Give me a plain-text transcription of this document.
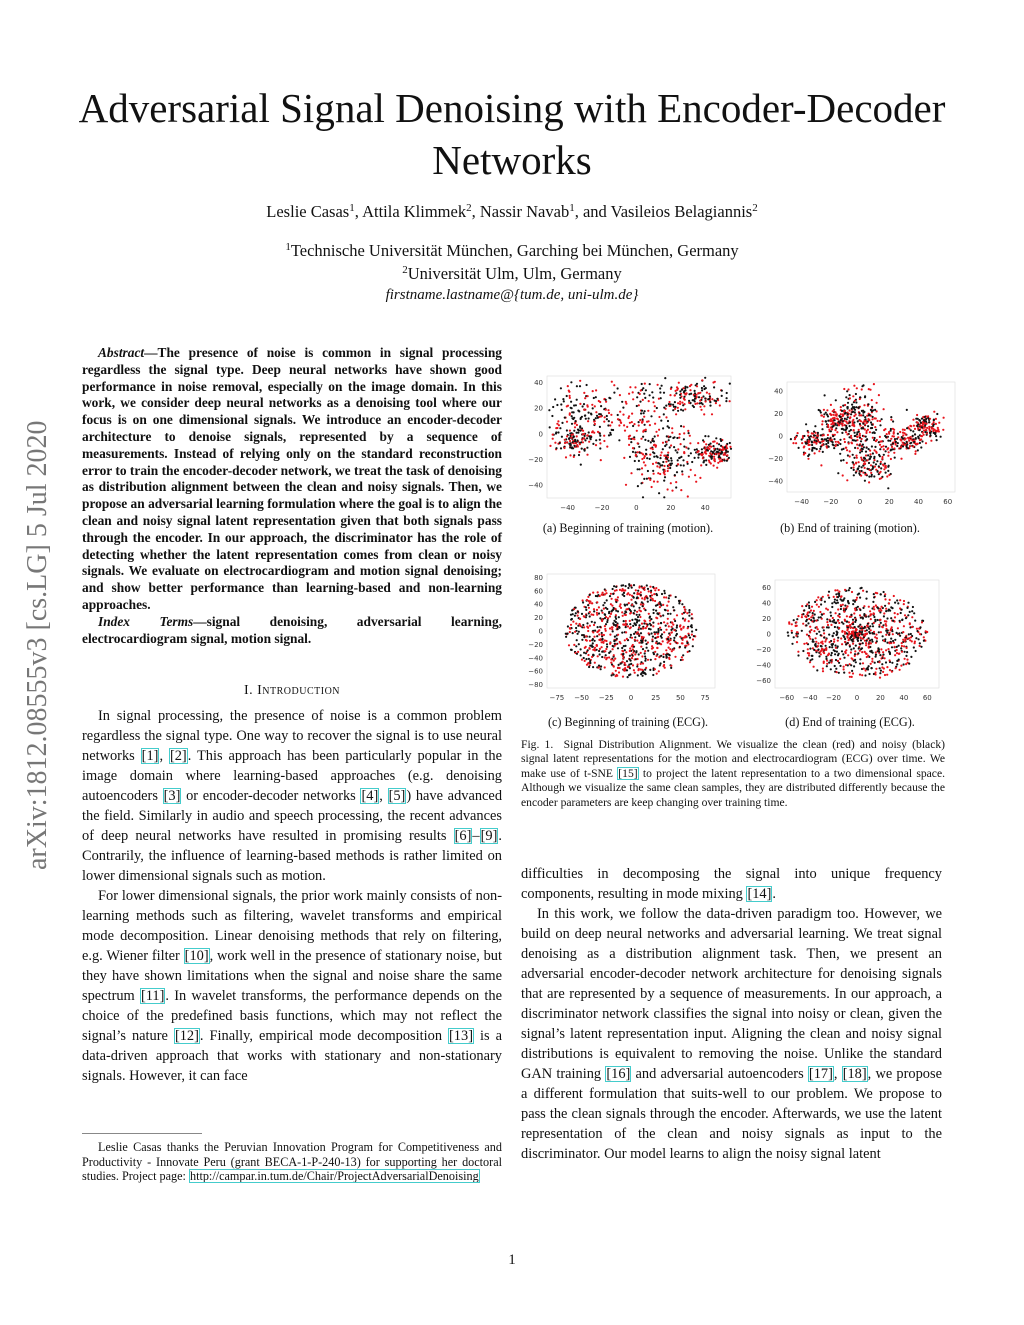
Adversarial Signal Denoising with Encoder-Decoder Networks
Leslie Casas$^1$, Attila Klimmek$^2$, Nassir Navab$^1$, and Vasileios Belagiannis$^2$
$^1$Technische Universität München, Garching bei München, Germany
$^2$Universität Ulm, Ulm, Germany
firstname.lastname@{tum.de, uni-ulm.de}
arXiv:1812.08555v3 [cs.LG] 5 Jul 2020

Abstract—The presence of noise is common in signal processing regardless the signal type. Deep neural networks have shown good performance in noise removal, especially on the image domain. In this work, we consider deep neural networks as a denoising tool where our focus is on one dimensional signals. We introduce an encoder-decoder architecture to denoise signals, represented by a sequence of measurements. Instead of relying only on the standard reconstruction error to train the encoder-decoder network, we treat the task of denoising as distribution alignment between the clean and noisy signals. Then, we propose an adversarial learning formulation where the goal is to align the clean and noisy signal latent representation given that both signals pass through the encoder. In our approach, the discriminator has the role of detecting whether the latent representation comes from clean or noisy signals. We evaluate on electrocardiogram and motion signal denoising; and show better performance than learning-based and non-learning approaches.

Index Terms—signal denoising, adversarial learning, electrocardiogram signal, motion signal.

I. Introduction

In signal processing, the presence of noise is a common problem regardless the signal type. One way to recover the signal is to use neural networks [1], [2]. This approach has been particularly popular in the image domain where learning-based approaches (e.g. denoising autoencoders [3] or encoder-decoder networks [4], [5]) have advanced the field. Similarly in audio and speech processing, the recent advances of deep neural networks have resulted in promising results [6]–[9]. Contrarily, the influence of learning-based methods is rather limited on lower dimensional signals such as motion.

For lower dimensional signals, the prior work mainly consists of non-learning methods such as filtering, wavelet transforms and empirical mode decomposition. Linear denoising methods that rely on filtering, e.g. Wiener filter [10], work well in the presence of stationary noise, but they have shown limitations when the signal and noise share the same spectrum [11]. In wavelet transforms, the performance depends on the choice of the predefined basis functions, which may not reflect the signal’s nature [12]. Finally, empirical mode decomposition [13] is a data-driven approach that works with stationary and non-stationary signals. However, it can face

Leslie Casas thanks the Peruvian Innovation Program for Competitiveness and Productivity - Innovate Peru (grant BECA-1-P-240-13) for supporting her doctoral studies. Project page: http://campar.in.tum.de/Chair/ProjectAdversarialDenoising

−40	−20	0	20	40
40
20
0
−20
−40
−40 −20	0	20	40	60
40
20
0
−20
−40
−75 −50 −25 0	25 50 75
80
60
40
20
0
−20
−40
−60
−80
−60 −40 −20 0 20 40 60
60
40
20
0
−20
−40
−60
(a) Beginning of training (motion).	(b) End of training (motion).
(c) Beginning of training (ECG).	(d) End of training (ECG).
Fig. 1. Signal Distribution Alignment. We visualize the clean (red) and noisy (black) signal latent representations for the motion and electrocardiogram (ECG) over time. We make use of t-SNE [15] to project the latent representation to a two dimensional space. Although we visualize the same clean samples, they are distributed differently because the encoder parameters are keep changing over training time.

difficulties in decomposing the signal into unique frequency components, resulting in mode mixing [14].

In this work, we follow the data-driven paradigm too. However, we build on deep neural networks and adversarial learning. We treat signal denoising as a distribution alignment task. Then, we present an adversarial encoder-decoder network architecture for denoising signals that are represented by a sequence of measurements. In our approach, a discriminator network classifies the signal into noisy or clean, given the signal’s latent representation input. Aligning the clean and noisy signal distributions is equivalent to removing the noise. Unlike the standard GAN training [16] and adversarial autoencoders [17], [18], we propose a different formulation that suits-well to our problem. We propose to pass the clean signals through the encoder. Afterwards, we use the latent representation of the clean and noisy signals as input to the discriminator. Our model learns to align the noisy signal latent

1
